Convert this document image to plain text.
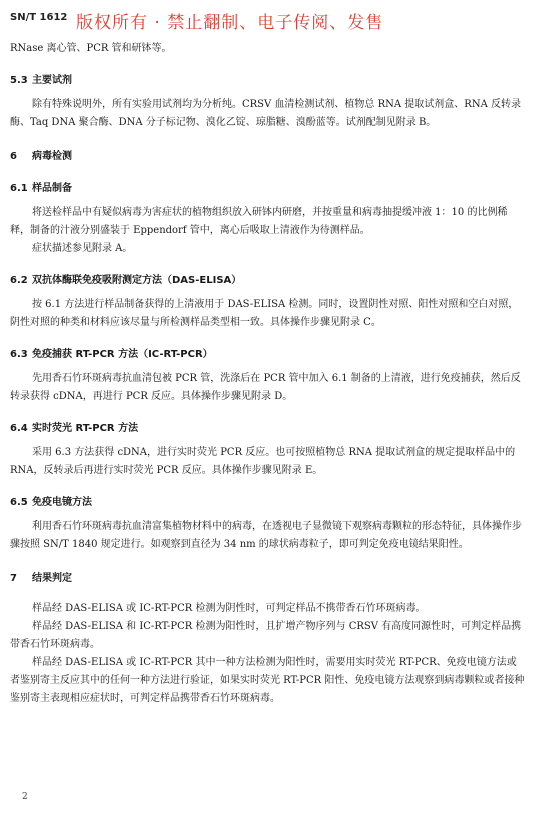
SN/T 1612 版权所有 · 禁止翻制、电子传阅、发售

RNase 离心管、PCR 管和研钵等。

5.3 主要试剂

除有特殊说明外，所有实验用试剂均为分析纯。CRSV 血清检测试剂、植物总 RNA 提取试剂盒、RNA 反转录酶、Taq DNA 聚合酶、DNA 分子标记物、溴化乙锭、琼脂糖、溴酚蓝等。试剂配制见附录 B。

6 病毒检测
6.1 样品制备

将送检样品中有疑似病毒为害症状的植物组织放入研钵内研磨，并按重量和病毒抽提缓冲液 1：10 的比例稀释，制备的汁液分别盛装于 Eppendorf 管中，离心后吸取上清液作为待测样品。

症状描述参见附录 A。

6.2 双抗体酶联免疫吸附测定方法（DAS-ELISA）

按 6.1 方法进行样品制备获得的上清液用于 DAS-ELISA 检测。同时，设置阴性对照、阳性对照和空白对照，阴性对照的种类和材料应该尽量与所检测样品类型相一致。具体操作步骤见附录 C。

6.3 免疫捕获 RT-PCR 方法（IC-RT-PCR）

先用香石竹环斑病毒抗血清包被 PCR 管，洗涤后在 PCR 管中加入 6.1 制备的上清液，进行免疫捕获，然后反转录获得 cDNA，再进行 PCR 反应。具体操作步骤见附录 D。

6.4 实时荧光 RT-PCR 方法

采用 6.3 方法获得 cDNA，进行实时荧光 PCR 反应。也可按照植物总 RNA 提取试剂盒的规定提取样品中的 RNA，反转录后再进行实时荧光 PCR 反应。具体操作步骤见附录 E。

6.5 免疫电镜方法

利用香石竹环斑病毒抗血清富集植物材料中的病毒，在透视电子显微镜下观察病毒颗粒的形态特征，具体操作步骤按照 SN/T 1840 规定进行。如观察到直径为 34 nm 的球状病毒粒子，即可判定免疫电镜结果阳性。

7 结果判定

样品经 DAS-ELISA 或 IC-RT-PCR 检测为阴性时，可判定样品不携带香石竹环斑病毒。

样品经 DAS-ELISA 和 IC-RT-PCR 检测为阳性时，且扩增产物序列与 CRSV 有高度同源性时，可判定样品携带香石竹环斑病毒。

样品经 DAS-ELISA 或 IC-RT-PCR 其中一种方法检测为阳性时，需要用实时荧光 RT-PCR、免疫电镜方法或者鉴别寄主反应其中的任何一种方法进行验证，如果实时荧光 RT-PCR 阳性、免疫电镜方法观察到病毒颗粒或者接种鉴别寄主表现相应症状时，可判定样品携带香石竹环斑病毒。

2
